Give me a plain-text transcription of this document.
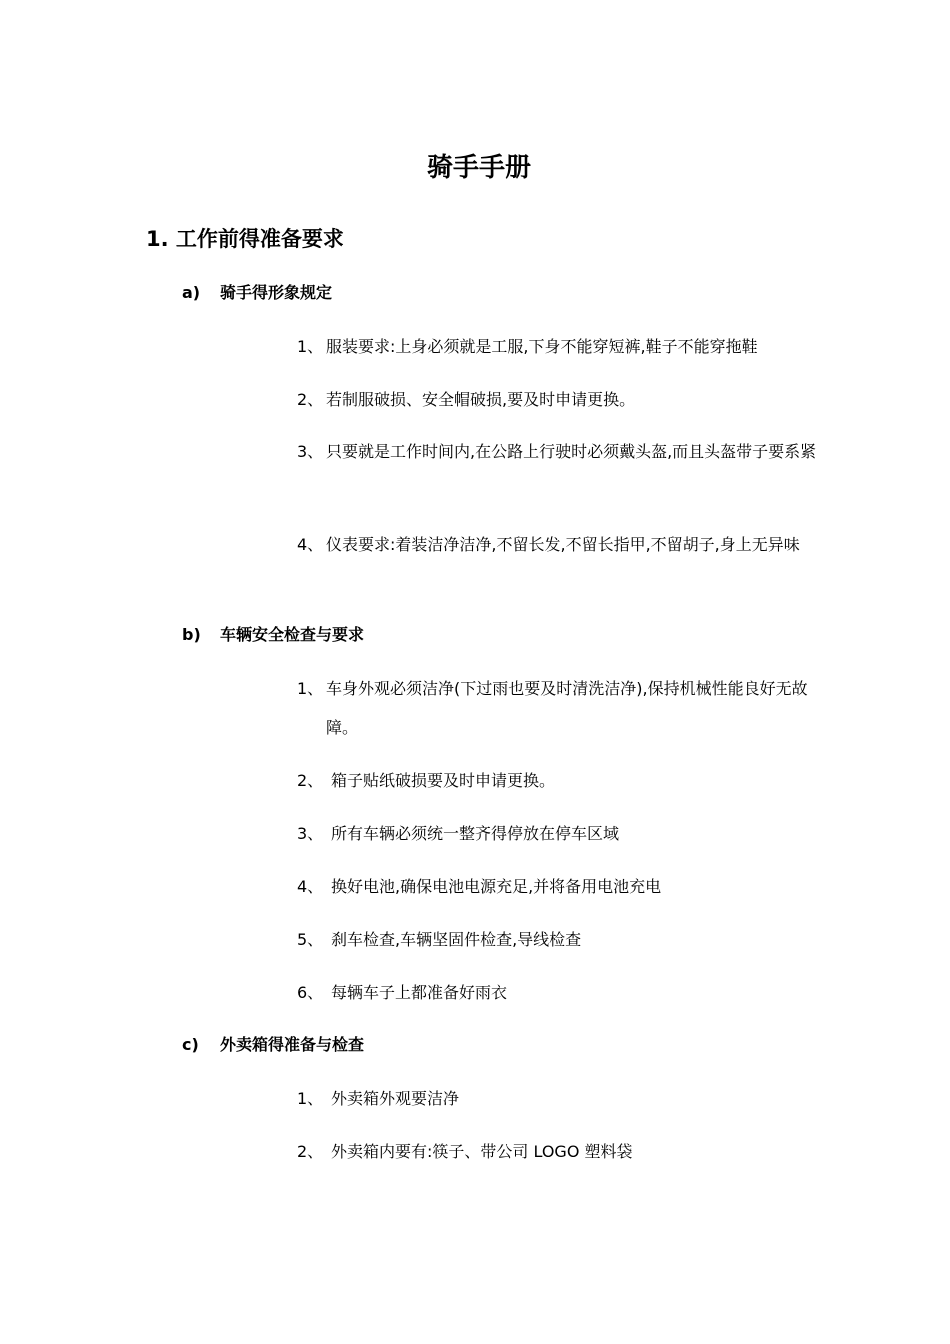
骑手手册
1. 工作前得准备要求
a) 骑手得形象规定
1、 服装要求:上身必须就是工服,下身不能穿短裤,鞋子不能穿拖鞋
2、 若制服破损、安全帽破损,要及时申请更换。
3、 只要就是工作时间内,在公路上行驶时必须戴头盔,而且头盔带子要系紧
4、 仪表要求:着装洁净洁净,不留长发,不留长指甲,不留胡子,身上无异味
b) 车辆安全检查与要求
1、 车身外观必须洁净(下过雨也要及时清洗洁净),保持机械性能良好无故障。
2、 箱子贴纸破损要及时申请更换。
3、 所有车辆必须统一整齐得停放在停车区域
4、 换好电池,确保电池电源充足,并将备用电池充电
5、 刹车检查,车辆坚固件检查,导线检查
6、 每辆车子上都准备好雨衣
c) 外卖箱得准备与检查
1、 外卖箱外观要洁净
2、 外卖箱内要有:筷子、带公司 LOGO 塑料袋
